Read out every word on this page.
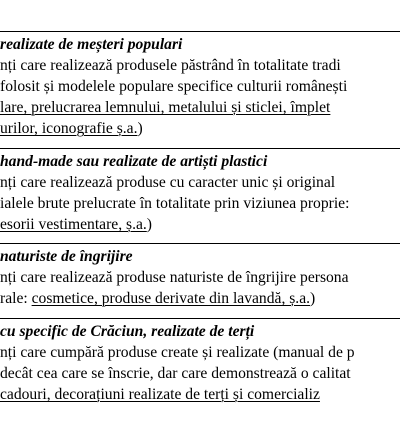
realizate de meșteri populari
nți care realizează produsele păstrând în totalitate tradi
folosit și modelele populare specifice culturii românești
lare, prelucrarea lemnului, metalului și sticlei, împlet
urilor, iconografie ș.a.)
hand-made sau realizate de artiști plastici
nți care realizează produse cu caracter unic și original
ialele brute prelucrate în totalitate prin viziunea proprie:
esorii vestimentare, ș.a.)
naturiste de îngrijire
nți care realizează produse naturiste de îngrijire persona
rale: cosmetice, produse derivate din lavandă, ș.a.)
cu specific de Crăciun, realizate de terți
nți care cumpără produse create și realizate (manual de p
decât cea care se înscrie, dar care demonstrează o calitat
cadouri, decorațiuni realizate de terți și comercializ
